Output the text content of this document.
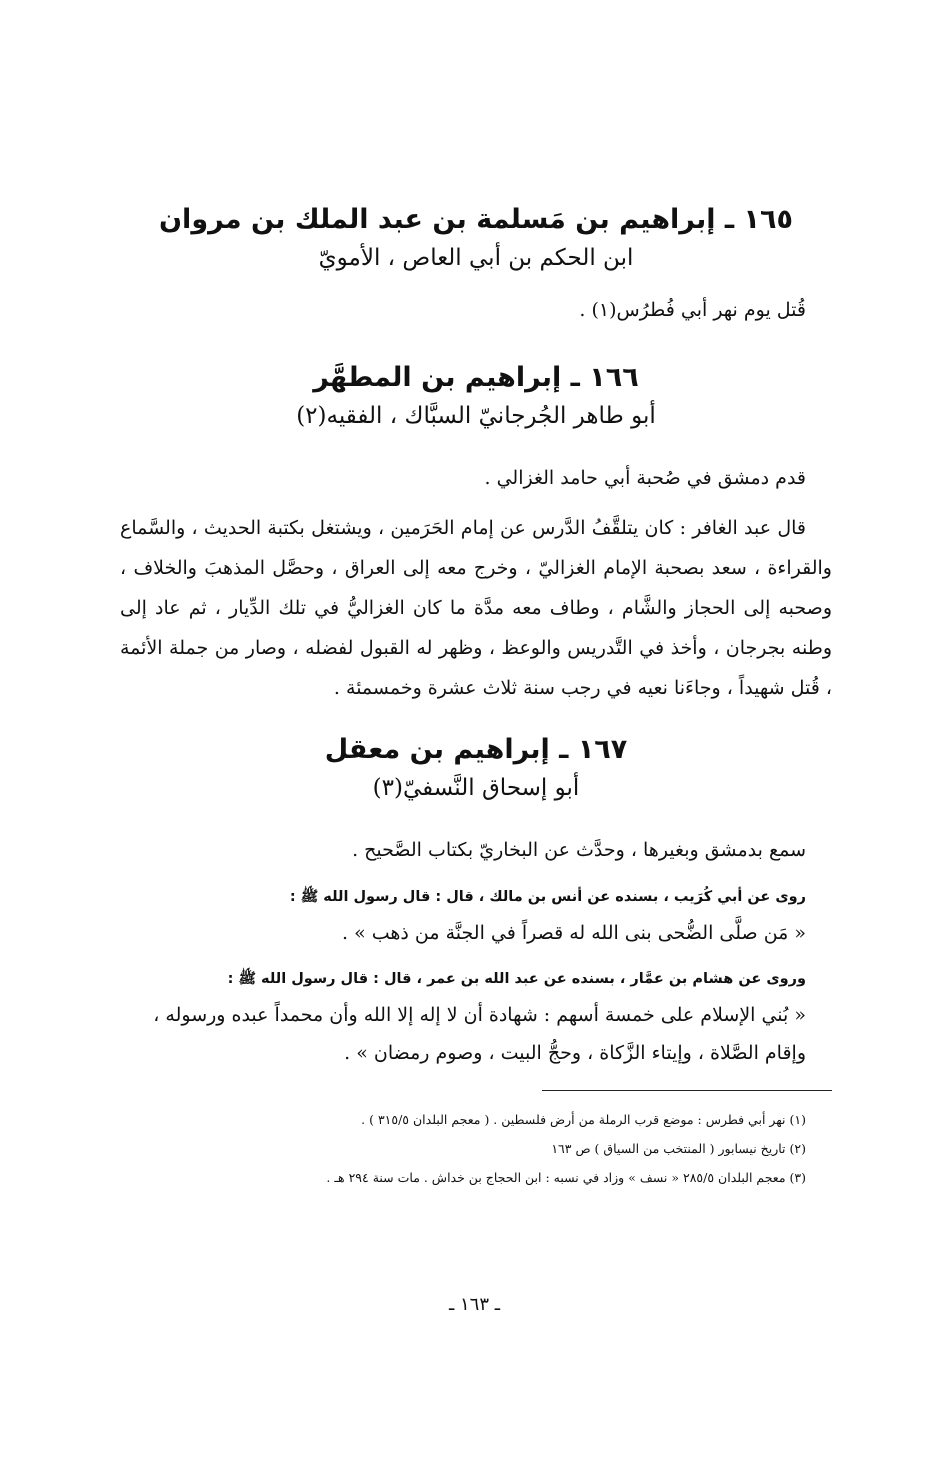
١٦٥ ـ إبراهيم بن مَسلمة بن عبد الملك بن مروان

ابن الحكم بن أبي العاص ، الأمويّ

قُتل يوم نهر أبي فُطرُس(١) .

١٦٦ ـ إبراهيم بن المطهَّر

أبو طاهر الجُرجانيّ السبَّاك ، الفقيه(٢)

قدم دمشق في صُحبة أبي حامد الغزالي .

قال عبد الغافر : كان يتلقَّفُ الدَّرس عن إمام الحَرَمين ، ويشتغل بكتبة الحديث ، والسَّماع والقراءة ، سعد بصحبة الإمام الغزاليّ ، وخرج معه إلى العراق ، وحصَّل المذهبَ والخلاف ، وصحبه إلى الحجاز والشَّام ، وطاف معه مدَّة ما كان الغزاليُّ في تلك الدِّيار ، ثم عاد إلى وطنه بجرجان ، وأخذ في التَّدريس والوعظ ، وظهر له القبول لفضله ، وصار من جملة الأئمة ، قُتل شهيداً ، وجاءَنا نعيه في رجب سنة ثلاث عشرة وخمسمئة .

١٦٧ ـ إبراهيم بن معقل

أبو إسحاق النَّسفيّ(٣)

سمع بدمشق وبغيرها ، وحدَّث عن البخاريّ بكتاب الصَّحيح .

روى عن أبي كُرَيب ، بسنده عن أنس بن مالك ، قال : قال رسول الله ﷺ :

« مَن صلَّى الضُّحى بنى الله له قصراً في الجنَّة من ذهب » .

وروى عن هشام بن عمَّار ، بسنده عن عبد الله بن عمر ، قال : قال رسول الله ﷺ :

« بُني الإسلام على خمسة أسهم : شهادة أن لا إله إلا الله وأن محمداً عبده ورسوله ، وإقام الصَّلاة ، وإيتاء الزَّكاة ، وحجُّ البيت ، وصوم رمضان » .

(١) نهر أبي فطرس : موضع قرب الرملة من أرض فلسطين . ( معجم البلدان ٣١٥/٥ ) .

(٢) تاريخ نيسابور ( المنتخب من السياق ) ص ١٦٣

(٣) معجم البلدان ٢٨٥/٥ « نسف » وزاد في نسبه : ابن الحجاج بن خداش . مات سنة ٢٩٤ هـ .

ـ ١٦٣ ـ
